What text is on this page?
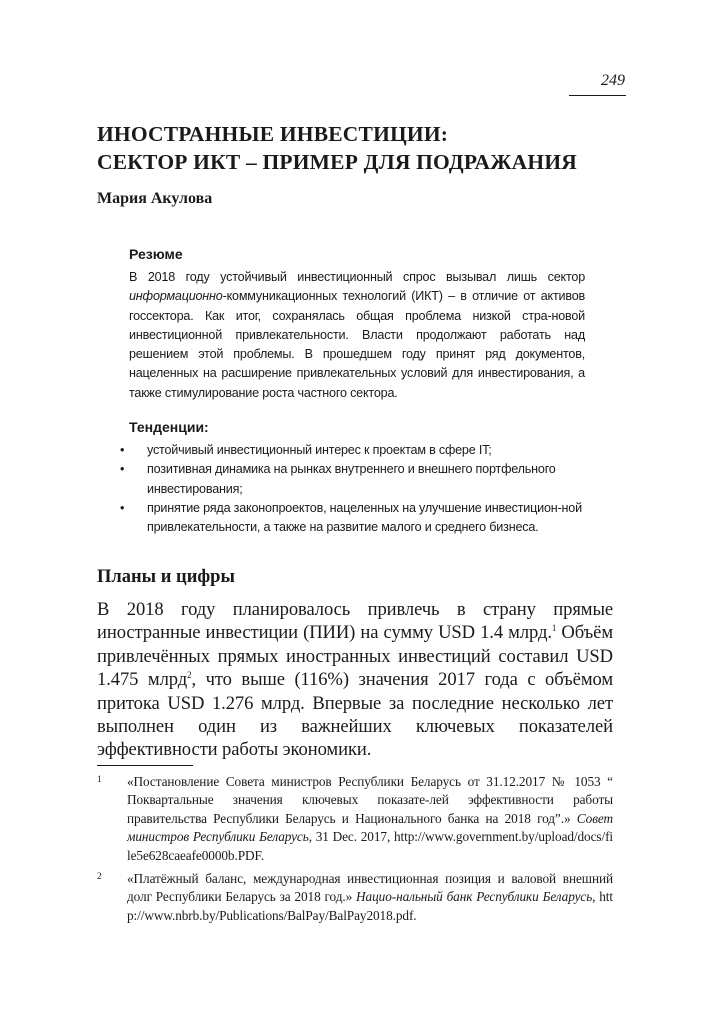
249
ИНОСТРАННЫЕ ИНВЕСТИЦИИ:
СЕКТОР ИКТ – ПРИМЕР ДЛЯ ПОДРАЖАНИЯ
Мария Акулова
Резюме

В 2018 году устойчивый инвестиционный спрос вызывал лишь сектор информационно-коммуникационных технологий (ИКТ) – в отличие от активов госсектора. Как итог, сохранялась общая проблема низкой стра-новой инвестиционной привлекательности. Власти продолжают работать над решением этой проблемы. В прошедшем году принят ряд документов, нацеленных на расширение привлекательных условий для инвестирования, а также стимулирование роста частного сектора.

Тенденции:
• устойчивый инвестиционный интерес к проектам в сфере IT;
• позитивная динамика на рынках внутреннего и внешнего портфельного инвестирования;
• принятие ряда законопроектов, нацеленных на улучшение инвестицион-ной привлекательности, а также на развитие малого и среднего бизнеса.
Планы и цифры

В 2018 году планировалось привлечь в страну прямые иностранные инвестиции (ПИИ) на сумму USD 1.4 млрд.$^1$ Объём привлечённых прямых иностранных инвестиций составил USD 1.475 млрд$^2$, что выше (116%) значения 2017 года с объёмом притока USD 1.276 млрд. Впервые за последние несколько лет выполнен один из важнейших ключевых показателей эффективности работы экономики.

1 «Постановление Совета министров Республики Беларусь от 31.12.2017 № 1053 “ Поквартальные значения ключевых показате-лей эффективности работы правительства Республики Беларусь и Национального банка на 2018 год”.» Совет министров Республики Беларусь, 31 Dec. 2017, http://www.government.by/upload/docs/file5e628caeafe0000b.PDF.
2 «Платёжный баланс, международная инвестиционная позиция и валовой внешний долг Республики Беларусь за 2018 год.» Нацио-нальный банк Республики Беларусь, http://www.nbrb.by/Publications/BalPay/BalPay2018.pdf.
